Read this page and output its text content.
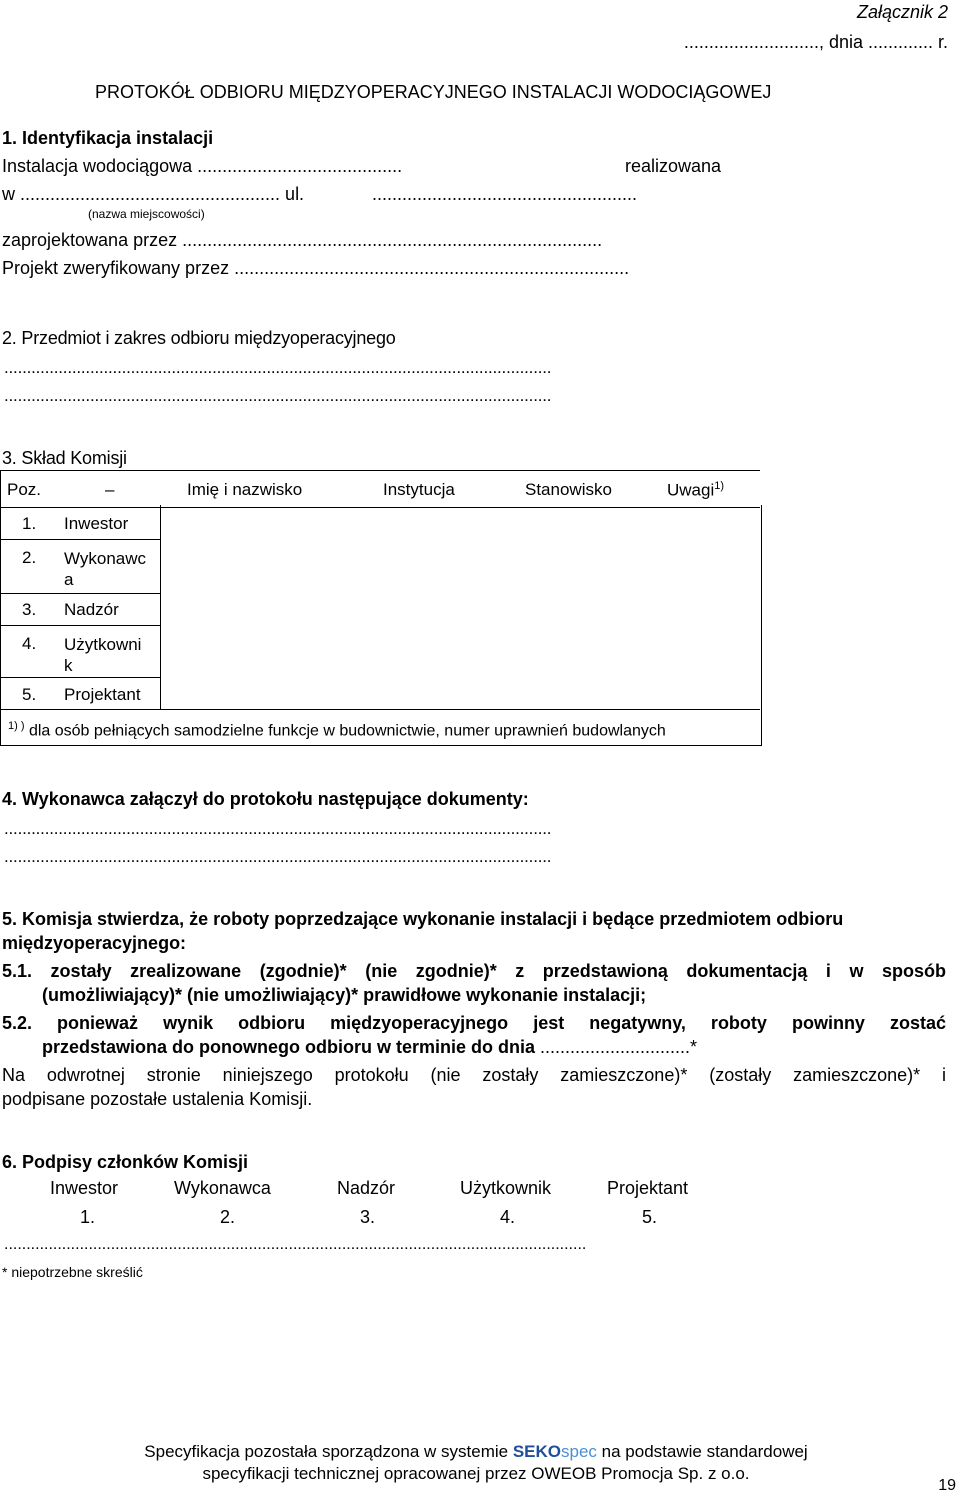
Załącznik 2
..........................., dnia ............. r.
PROTOKÓŁ ODBIORU MIĘDZYOPERACYJNEGO INSTALACJI WODOCIĄGOWEJ
1. Identyfikacja instalacji
Instalacja wodociągowa .........................................	realizowana
w .................................................... ul.	.....................................................
(nazwa miejscowości)
zaprojektowana przez ....................................................................................
Projekt zweryfikowany przez ...............................................................................
2. Przedmiot i zakres odbioru międzyoperacyjnego
.........................................................................................................................
.........................................................................................................................
3. Skład Komisji
Poz.	–	Imię i nazwisko	Instytucja	Stanowisko	Uwagi$^{1)}$
1. Inwestor
2. Wykonawc
a
3. Nadzór
4. Użytkowni
k
5. Projektant
$^{1) )}$ dla osób pełniących samodzielne funkcje w budownictwie, numer uprawnień budowlanych
4. Wykonawca załączył do protokołu następujące dokumenty:
.........................................................................................................................
.........................................................................................................................
5. Komisja stwierdza, że roboty poprzedzające wykonanie instalacji i będące przedmiotem odbioru
międzyoperacyjnego:
5.1. zostały zrealizowane (zgodnie)* (nie zgodnie)* z przedstawioną dokumentacją i w sposób
(umożliwiający)* (nie umożliwiający)* prawidłowe wykonanie instalacji;
5.2. ponieważ wynik odbioru międzyoperacyjnego jest negatywny, roboty powinny zostać
przedstawiona do ponownego odbioru w terminie do dnia ..............................*
Na odwrotnej stronie niniejszego protokołu (nie zostały zamieszczone)* (zostały zamieszczone)* i
podpisane pozostałe ustalenia Komisji.
6. Podpisy członków Komisji
Inwestor	Wykonawca	Nadzór	Użytkownik	Projektant
1.	2.	3.	4.	5.
...................................................................................................................................
* niepotrzebne skreślić
Specyfikacja pozostała sporządzona w systemie SEKOspec na podstawie standardowej
specyfikacji technicznej opracowanej przez OWEOB Promocja Sp. z o.o.
19
